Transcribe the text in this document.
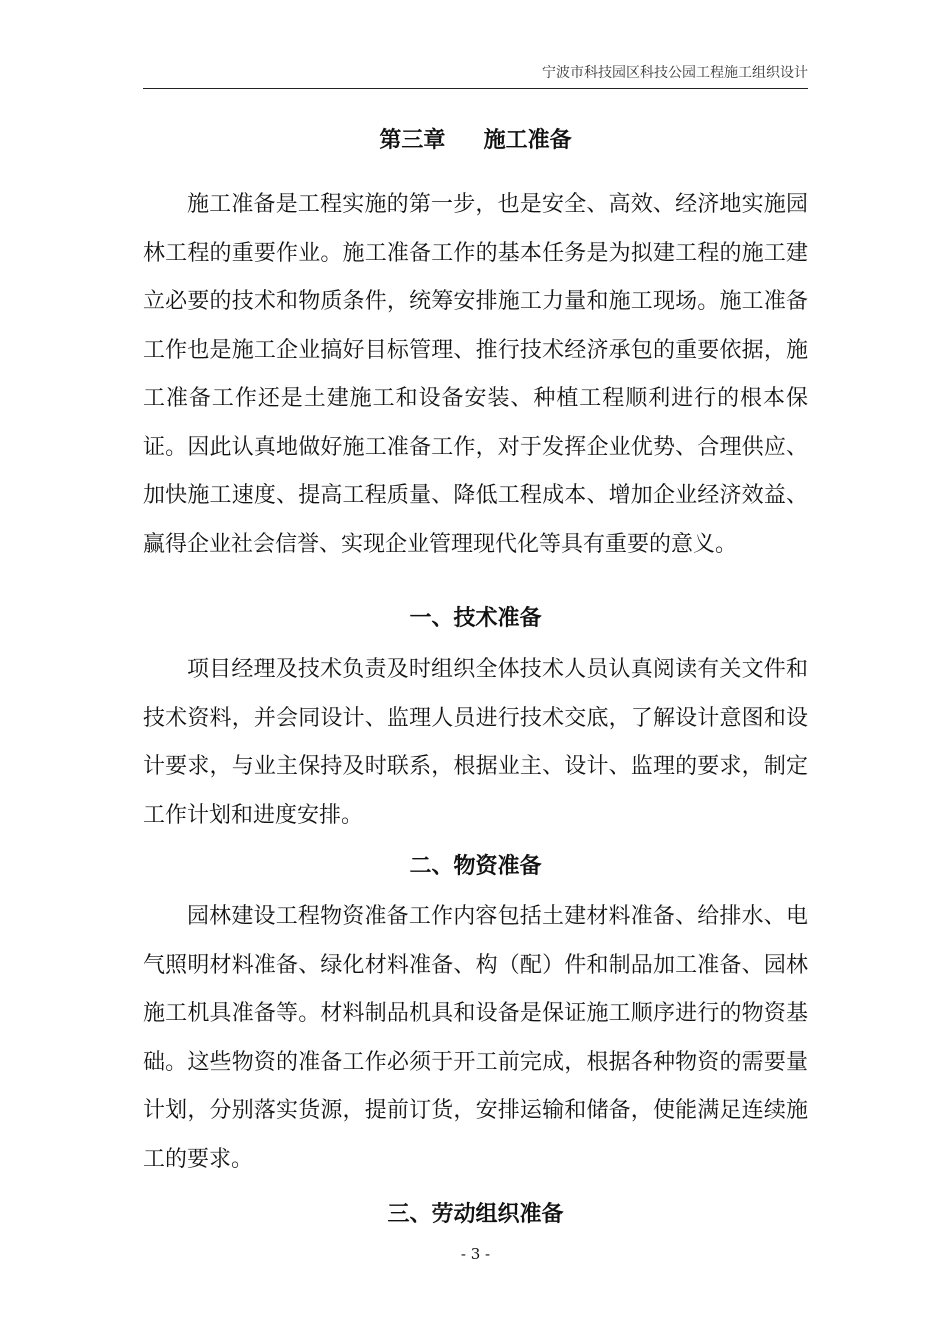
宁波市科技园区科技公园工程施工组织设计
第三章     施工准备

施工准备是工程实施的第一步，也是安全、高效、经济地实施园林工程的重要作业。施工准备工作的基本任务是为拟建工程的施工建立必要的技术和物质条件，统筹安排施工力量和施工现场。施工准备工作也是施工企业搞好目标管理、推行技术经济承包的重要依据，施工准备工作还是土建施工和设备安装、种植工程顺利进行的根本保证。因此认真地做好施工准备工作，对于发挥企业优势、合理供应、加快施工速度、提高工程质量、降低工程成本、增加企业经济效益、赢得企业社会信誉、实现企业管理现代化等具有重要的意义。

一、技术准备

项目经理及技术负责及时组织全体技术人员认真阅读有关文件和技术资料，并会同设计、监理人员进行技术交底，了解设计意图和设计要求，与业主保持及时联系，根据业主、设计、监理的要求，制定工作计划和进度安排。

二、物资准备

园林建设工程物资准备工作内容包括土建材料准备、给排水、电气照明材料准备、绿化材料准备、构（配）件和制品加工准备、园林施工机具准备等。材料制品机具和设备是保证施工顺序进行的物资基础。这些物资的准备工作必须于开工前完成，根据各种物资的需要量计划，分别落实货源，提前订货，安排运输和储备，使能满足连续施工的要求。

三、劳动组织准备
- 3 -
